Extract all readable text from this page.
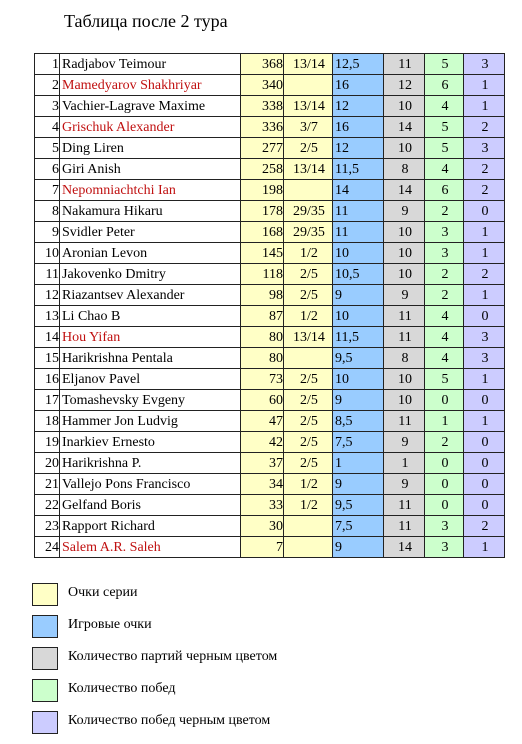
Таблица после 2 тура
1	Radjabov Teimour	368	13/14	12,5	11	5	3
2	Mamedyarov Shakhriyar	340		16	12	6	1
3	Vachier-Lagrave Maxime	338	13/14	12	10	4	1
4	Grischuk Alexander	336	3/7	16	14	5	2
5	Ding Liren	277	2/5	12	10	5	3
6	Giri Anish	258	13/14	11,5	8	4	2
7	Nepomniachtchi Ian	198		14	14	6	2
8	Nakamura Hikaru	178	29/35	11	9	2	0
9	Svidler Peter	168	29/35	11	10	3	1
10	Aronian Levon	145	1/2	10	10	3	1
11	Jakovenko Dmitry	118	2/5	10,5	10	2	2
12	Riazantsev Alexander	98	2/5	9	9	2	1
13	Li Chao B	87	1/2	10	11	4	0
14	Hou Yifan	80	13/14	11,5	11	4	3
15	Harikrishna Pentala	80		9,5	8	4	3
16	Eljanov Pavel	73	2/5	10	10	5	1
17	Tomashevsky Evgeny	60	2/5	9	10	0	0
18	Hammer Jon Ludvig	47	2/5	8,5	11	1	1
19	Inarkiev Ernesto	42	2/5	7,5	9	2	0
20	Harikrishna P.	37	2/5	1	1	0	0
21	Vallejo Pons Francisco	34	1/2	9	9	0	0
22	Gelfand Boris	33	1/2	9,5	11	0	0
23	Rapport Richard	30		7,5	11	3	2
24	Salem A.R. Saleh	7		9	14	3	1
Очки серии
Игровые очки
Количество партий черным цветом
Количество побед
Количество побед черным цветом
